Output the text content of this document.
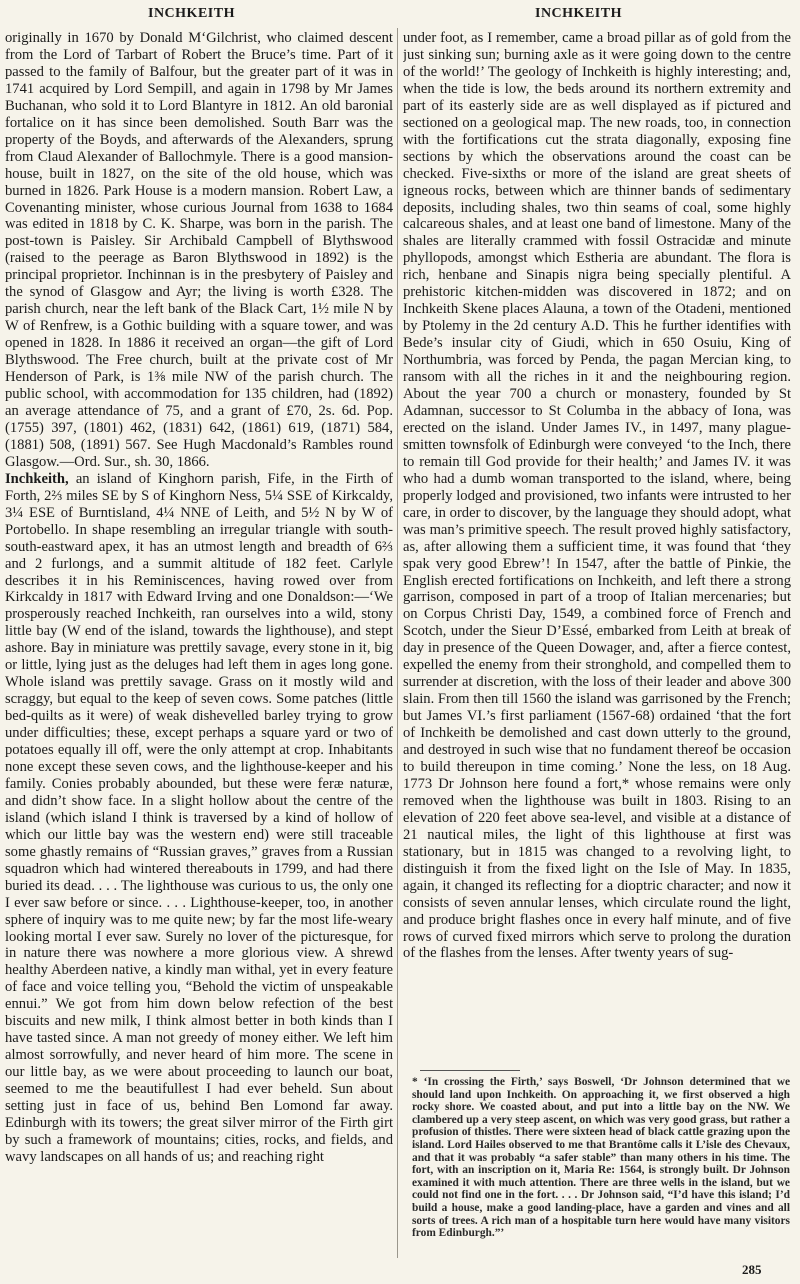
INCHKEITH	INCHKEITH

originally in 1670 by Donald M‘Gilchrist, who claimed descent from the Lord of Tarbart of Robert the Bruce’s time. Part of it passed to the family of Balfour, but the greater part of it was in 1741 acquired by Lord Sempill, and again in 1798 by Mr James Buchanan, who sold it to Lord Blantyre in 1812. An old baronial fortalice on it has since been demolished. South Barr was the property of the Boyds, and afterwards of the Alexanders, sprung from Claud Alexander of Ballochmyle. There is a good mansion-house, built in 1827, on the site of the old house, which was burned in 1826. Park House is a modern mansion. Robert Law, a Covenanting minister, whose curious Journal from 1638 to 1684 was edited in 1818 by C. K. Sharpe, was born in the parish. The post-town is Paisley. Sir Archibald Campbell of Blythswood (raised to the peerage as Baron Blythswood in 1892) is the principal proprietor. Inchinnan is in the presbytery of Paisley and the synod of Glasgow and Ayr; the living is worth £328. The parish church, near the left bank of the Black Cart, 1½ mile N by W of Renfrew, is a Gothic building with a square tower, and was opened in 1828. In 1886 it received an organ—the gift of Lord Blythswood. The Free church, built at the private cost of Mr Henderson of Park, is 1⅜ mile NW of the parish church. The public school, with accommodation for 135 children, had (1892) an average attendance of 75, and a grant of £70, 2s. 6d. Pop. (1755) 397, (1801) 462, (1831) 642, (1861) 619, (1871) 584, (1881) 508, (1891) 567. See Hugh Macdonald’s Rambles round Glasgow.—Ord. Sur., sh. 30, 1866.

Inchkeith, an island of Kinghorn parish, Fife, in the Firth of Forth, 2⅔ miles SE by S of Kinghorn Ness, 5¼ SSE of Kirkcaldy, 3¼ ESE of Burntisland, 4¼ NNE of Leith, and 5½ N by W of Portobello. In shape resembling an irregular triangle with south-south-eastward apex, it has an utmost length and breadth of 6⅔ and 2 furlongs, and a summit altitude of 182 feet. Carlyle describes it in his Reminiscences, having rowed over from Kirkcaldy in 1817 with Edward Irving and one Donaldson:—‘We prosperously reached Inchkeith, ran ourselves into a wild, stony little bay (W end of the island, towards the lighthouse), and stept ashore. Bay in miniature was prettily savage, every stone in it, big or little, lying just as the deluges had left them in ages long gone. Whole island was prettily savage. Grass on it mostly wild and scraggy, but equal to the keep of seven cows. Some patches (little bed-quilts as it were) of weak dishevelled barley trying to grow under difficulties; these, except perhaps a square yard or two of potatoes equally ill off, were the only attempt at crop. Inhabitants none except these seven cows, and the lighthouse-keeper and his family. Conies probably abounded, but these were feræ naturæ, and didn’t show face. In a slight hollow about the centre of the island (which island I think is traversed by a kind of hollow of which our little bay was the western end) were still traceable some ghastly remains of “Russian graves,” graves from a Russian squadron which had wintered thereabouts in 1799, and had there buried its dead. . . . The lighthouse was curious to us, the only one I ever saw before or since. . . . Lighthouse-keeper, too, in another sphere of inquiry was to me quite new; by far the most life-weary looking mortal I ever saw. Surely no lover of the picturesque, for in nature there was nowhere a more glorious view. A shrewd healthy Aberdeen native, a kindly man withal, yet in every feature of face and voice telling you, “Behold the victim of unspeakable ennui.” We got from him down below refection of the best biscuits and new milk, I think almost better in both kinds than I have tasted since. A man not greedy of money either. We left him almost sorrowfully, and never heard of him more. The scene in our little bay, as we were about proceeding to launch our boat, seemed to me the beautifullest I had ever beheld. Sun about setting just in face of us, behind Ben Lomond far away. Edinburgh with its towers; the great silver mirror of the Firth girt by such a framework of mountains; cities, rocks, and fields, and wavy landscapes on all hands of us; and reaching right

under foot, as I remember, came a broad pillar as of gold from the just sinking sun; burning axle as it were going down to the centre of the world!’ The geology of Inchkeith is highly interesting; and, when the tide is low, the beds around its northern extremity and part of its easterly side are as well displayed as if pictured and sectioned on a geological map. The new roads, too, in connection with the fortifications cut the strata diagonally, exposing fine sections by which the observations around the coast can be checked. Five-sixths or more of the island are great sheets of igneous rocks, between which are thinner bands of sedimentary deposits, including shales, two thin seams of coal, some highly calcareous shales, and at least one band of limestone. Many of the shales are literally crammed with fossil Ostracidæ and minute phyllopods, amongst which Estheria are abundant. The flora is rich, henbane and Sinapis nigra being specially plentiful. A prehistoric kitchen-midden was discovered in 1872; and on Inchkeith Skene places Alauna, a town of the Otadeni, mentioned by Ptolemy in the 2d century A.D. This he further identifies with Bede’s insular city of Giudi, which in 650 Osuiu, King of Northumbria, was forced by Penda, the pagan Mercian king, to ransom with all the riches in it and the neighbouring region. About the year 700 a church or monastery, founded by St Adamnan, successor to St Columba in the abbacy of Iona, was erected on the island. Under James IV., in 1497, many plague-smitten townsfolk of Edinburgh were conveyed ‘to the Inch, there to remain till God provide for their health;’ and James IV. it was who had a dumb woman transported to the island, where, being properly lodged and provisioned, two infants were intrusted to her care, in order to discover, by the language they should adopt, what was man’s primitive speech. The result proved highly satisfactory, as, after allowing them a sufficient time, it was found that ‘they spak very good Ebrew’! In 1547, after the battle of Pinkie, the English erected fortifications on Inchkeith, and left there a strong garrison, composed in part of a troop of Italian mercenaries; but on Corpus Christi Day, 1549, a combined force of French and Scotch, under the Sieur D’Essé, embarked from Leith at break of day in presence of the Queen Dowager, and, after a fierce contest, expelled the enemy from their stronghold, and compelled them to surrender at discretion, with the loss of their leader and above 300 slain. From then till 1560 the island was garrisoned by the French; but James VI.’s first parliament (1567-68) ordained ‘that the fort of Inchkeith be demolished and cast down utterly to the ground, and destroyed in such wise that no fundament thereof be occasion to build thereupon in time coming.’ None the less, on 18 Aug. 1773 Dr Johnson here found a fort,* whose remains were only removed when the lighthouse was built in 1803. Rising to an elevation of 220 feet above sea-level, and visible at a distance of 21 nautical miles, the light of this lighthouse at first was stationary, but in 1815 was changed to a revolving light, to distinguish it from the fixed light on the Isle of May. In 1835, again, it changed its reflecting for a dioptric character; and now it consists of seven annular lenses, which circulate round the light, and produce bright flashes once in every half minute, and of five rows of curved fixed mirrors which serve to prolong the duration of the flashes from the lenses. After twenty years of sug-

* ‘In crossing the Firth,’ says Boswell, ‘Dr Johnson determined that we should land upon Inchkeith. On approaching it, we first observed a high rocky shore. We coasted about, and put into a little bay on the NW. We clambered up a very steep ascent, on which was very good grass, but rather a profusion of thistles. There were sixteen head of black cattle grazing upon the island. Lord Hailes observed to me that Brantôme calls it L’isle des Chevaux, and that it was probably “a safer stable” than many others in his time. The fort, with an inscription on it, Maria Re: 1564, is strongly built. Dr Johnson examined it with much attention. There are three wells in the island, but we could not find one in the fort. . . . Dr Johnson said, “I’d have this island; I’d build a house, make a good landing-place, have a garden and vines and all sorts of trees. A rich man of a hospitable turn here would have many visitors from Edinburgh.”’
285
